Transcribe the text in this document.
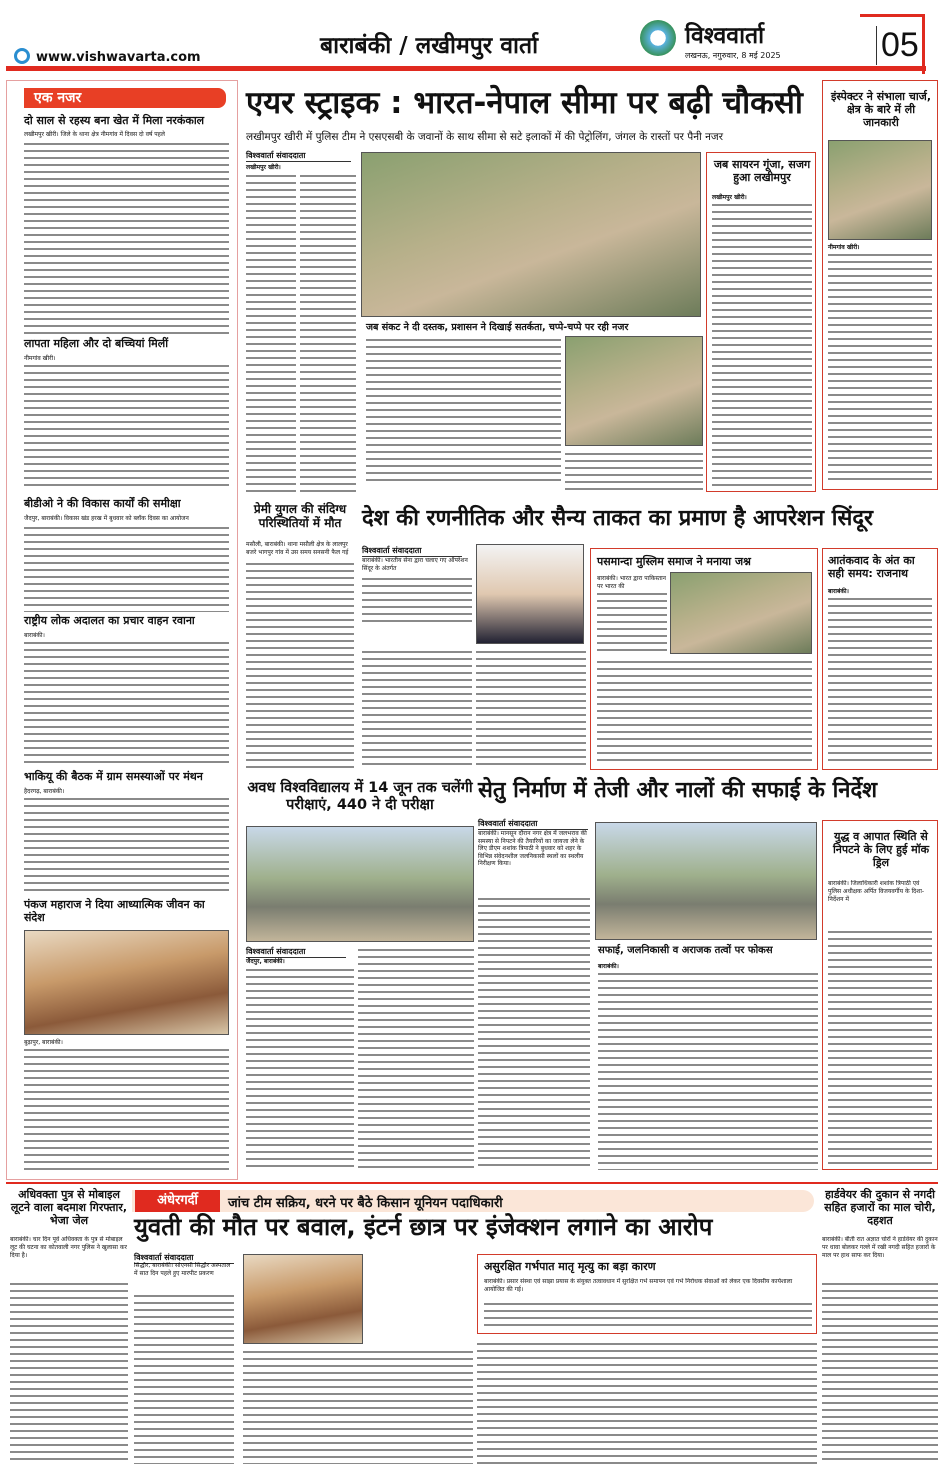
www.vishwavarta.com	बाराबंकी / लखीमपुर वार्ता	विश्ववार्ता
लखनऊ, नगुरुवार, 8 मई 2025	05
एक नजर
दो साल से रहस्य बना खेत में मिला नरकंकाल
लखीमपुर खीरी। जिले के थाना क्षेत्र नीमगांव में दिवस दो वर्ष पहले
लापता महिला और दो बच्चियां मिलीं
नीमगांव खीरी।
बीडीओ ने की विकास कार्यों की समीक्षा
जैदपुर, बाराबंकी। विकास खंड हरख में बुधवार को ब्लॉक दिवस का आयोजन
राष्ट्रीय लोक अदालत का प्रचार वाहन रवाना
बाराबंकी।
भाकियू की बैठक में ग्राम समस्याओं पर मंथन
हैदरगढ़, बाराबंकी।
पंकज महाराज ने दिया आध्यात्मिक जीवन का संदेश
बुढ़ापुर, बाराबंकी।
एयर स्ट्राइक : भारत-नेपाल सीमा पर बढ़ी चौकसी
लखीमपुर खीरी में पुलिस टीम ने एसएसबी के जवानों के साथ सीमा से सटे इलाकों में की पेट्रोलिंग, जंगल के रास्तों पर पैनी नजर
विश्ववार्ता संवाददाता
लखीमपुर खीरी।
जब संकट ने दी दस्तक, प्रशासन ने दिखाई सतर्कता, चप्पे-चप्पे पर रही नजर
जब सायरन गूंजा, सजग हुआ लखीमपुर
लखीमपुर खीरी।
इंस्पेक्टर ने संभाला चार्ज, क्षेत्र के बारे में ली जानकारी
नीमगांव खीरी।
प्रेमी युगल की संदिग्ध परिस्थितियों में मौत
मसौली, बाराबंकी। थाना मसौली क्षेत्र के लालपुर बजरे भागपुर गांव में उस समय सनसनी फैल गई
देश की रणनीतिक और सैन्य ताकत का प्रमाण है आपरेशन सिंदूर
विश्ववार्ता संवाददाता
बाराबंकी। भारतीय सेना द्वारा चलाए गए ऑपरेशन सिंदूर के अंतर्गत
पसमान्दा मुस्लिम समाज ने मनाया जश्न
बाराबंकी। भारत द्वारा पाकिस्तान पर भारत की
आतंकवाद के अंत का सही समय: राजनाथ
बाराबंकी।
अवध विश्वविद्यालय में 14 जून तक चलेंगी परीक्षाएं, 440 ने दी परीक्षा
विश्ववार्ता संवाददाता
जैदपुर, बाराबंकी।
सेतु निर्माण में तेजी और नालों की सफाई के निर्देश
विश्ववार्ता संवाददाता
बाराबंकी। मानसून दौरान नगर क्षेत्र में जलभराव की समस्या से निपटने की तैयारियों का जायजा लेने के लिए डीएम शशांक त्रिपाठी ने बुधवार को शहर के विभिन्न संवेदनशील जलनिकासी स्थलों का स्थलीय निरीक्षण किया।
सफाई, जलनिकासी व अराजक तत्वों पर फोकस
बाराबंकी।
युद्ध व आपात स्थिति से निपटने के लिए हुई मॉक ड्रिल
बाराबंकी। जिलाधिकारी शशांक त्रिपाठी एवं पुलिस अधीक्षक अर्पित विजयवर्गीय के दिशा-निर्देशन में
अधिवक्ता पुत्र से मोबाइल लूटने वाला बदमाश गिरफ्तार, भेजा जेल
बाराबंकी। चार दिन पूर्व अधिवक्ता के पुत्र से मोबाइल लूट की घटना का कोतवाली नगर पुलिस ने खुलासा कर दिया है।
अंधेरगर्दी	जांच टीम सक्रिय, धरने पर बैठे किसान यूनियन पदाधिकारी
युवती की मौत पर बवाल, इंटर्न छात्र पर इंजेक्शन लगाने का आरोप
विश्ववार्ता संवाददाता
सिद्धौर, बाराबंकी। सोएनसी सिद्धौर अस्पताल में सात दिन पहले हुए मारपीट प्रकरण
असुरक्षित गर्भपात मातृ मृत्यु का बड़ा कारण
बाराबंकी। प्रसार संस्था एवं साझा प्रयास के संयुक्त तत्वावधान में सुरक्षित गर्भ समापन एवं गर्भ निरोधक सेवाओं को लेकर एक दिवसीय कार्यशाला आयोजित की गई।
हार्डवेयर की दुकान से नगदी सहित हजारों का माल चोरी, दहशत
बाराबंकी। बीती रात अज्ञात चोरों ने हार्डवेयर की दुकान पर धावा बोलकर गल्ले में रखी नगदी सहित हजारों के माल पर हाथ साफ कर दिया।
